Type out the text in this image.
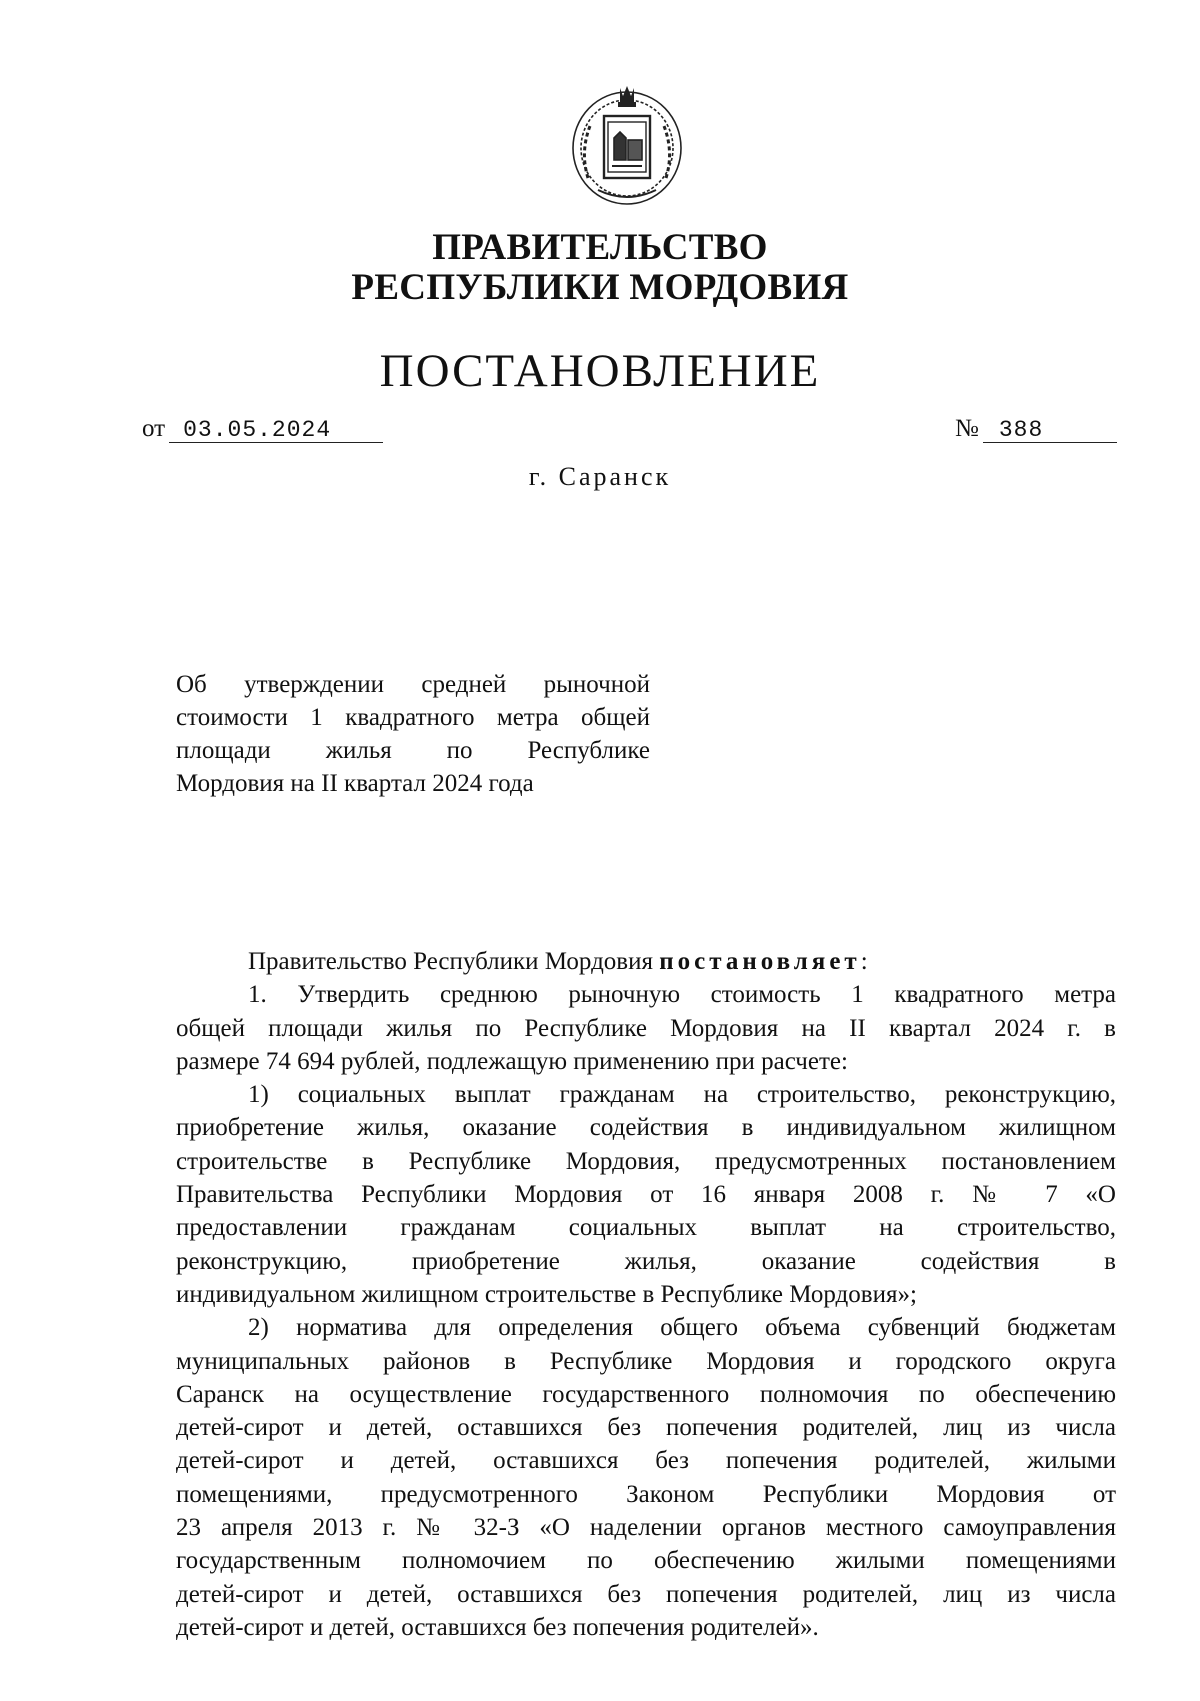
ПРАВИТЕЛЬСТВО
РЕСПУБЛИКИ МОРДОВИЯ
ПОСТАНОВЛЕНИЕ
от 03.05.2024	№ 388
г. Саранск
Об утверждении средней рыночной
стоимости 1 квадратного метра общей
площади жилья по Республике
Мордовия на II квартал 2024 года
Правительство Республики Мордовия постановляет:
1. Утвердить среднюю рыночную стоимость 1 квадратного метра
общей площади жилья по Республике Мордовия на II квартал 2024 г. в
размере 74 694 рублей, подлежащую применению при расчете:
1) социальных выплат гражданам на строительство, реконструкцию,
приобретение жилья, оказание содействия в индивидуальном жилищном
строительстве в Республике Мордовия, предусмотренных постановлением
Правительства Республики Мордовия от 16 января 2008 г. № 7 «О
предоставлении гражданам социальных выплат на строительство,
реконструкцию, приобретение жилья, оказание содействия в
индивидуальном жилищном строительстве в Республике Мордовия»;
2) норматива для определения общего объема субвенций бюджетам
муниципальных районов в Республике Мордовия и городского округа
Саранск на осуществление государственного полномочия по обеспечению
детей-сирот и детей, оставшихся без попечения родителей, лиц из числа
детей-сирот и детей, оставшихся без попечения родителей, жилыми
помещениями, предусмотренного Законом Республики Мордовия от
23 апреля 2013 г. № 32-З «О наделении органов местного самоуправления
государственным полномочием по обеспечению жилыми помещениями
детей-сирот и детей, оставшихся без попечения родителей, лиц из числа
детей-сирот и детей, оставшихся без попечения родителей».
